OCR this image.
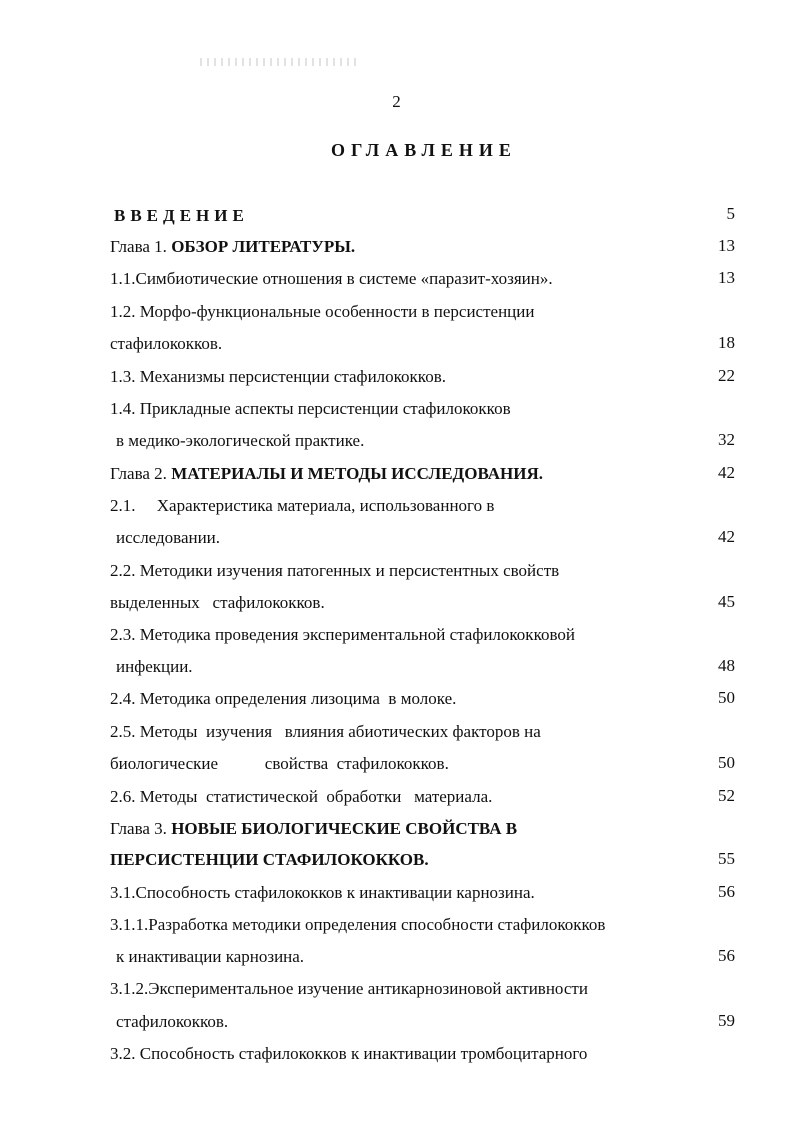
2
ОГЛАВЛЕНИЕ
ВВЕДЕНИЕ	5
Глава 1. ОБЗОР ЛИТЕРАТУРЫ.	13
1.1.Симбиотические отношения в системе «паразит-хозяин».	13
1.2. Морфо-функциональные особенности в персистенции
стафилококков.	18
1.3. Механизмы персистенции стафилококков.	22
1.4. Прикладные аспекты персистенции стафилококков
в медико-экологической практике.	32
Глава 2. МАТЕРИАЛЫ И МЕТОДЫ ИССЛЕДОВАНИЯ.	42
2.1.     Характеристика материала, использованного в
исследовании.	42
2.2. Методики изучения патогенных и персистентных свойств
выделенных   стафилококков.	45
2.3. Методика проведения экспериментальной стафилококковой
инфекции.	48
2.4. Методика определения лизоцима  в молоке.	50
2.5. Методы  изучения   влияния абиотических факторов на
биологические           свойства  стафилококков.	50
2.6. Методы  статистической  обработки   материала.	52
Глава 3. НОВЫЕ БИОЛОГИЧЕСКИЕ СВОЙСТВА В
ПЕРСИСТЕНЦИИ СТАФИЛОКОККОВ.	55
3.1.Способность стафилококков к инактивации карнозина.	56
3.1.1.Разработка методики определения способности стафилококков
к инактивации карнозина.	56
3.1.2.Экспериментальное изучение антикарнозиновой активности
стафилококков.	59
3.2. Способность стафилококков к инактивации тромбоцитарного
